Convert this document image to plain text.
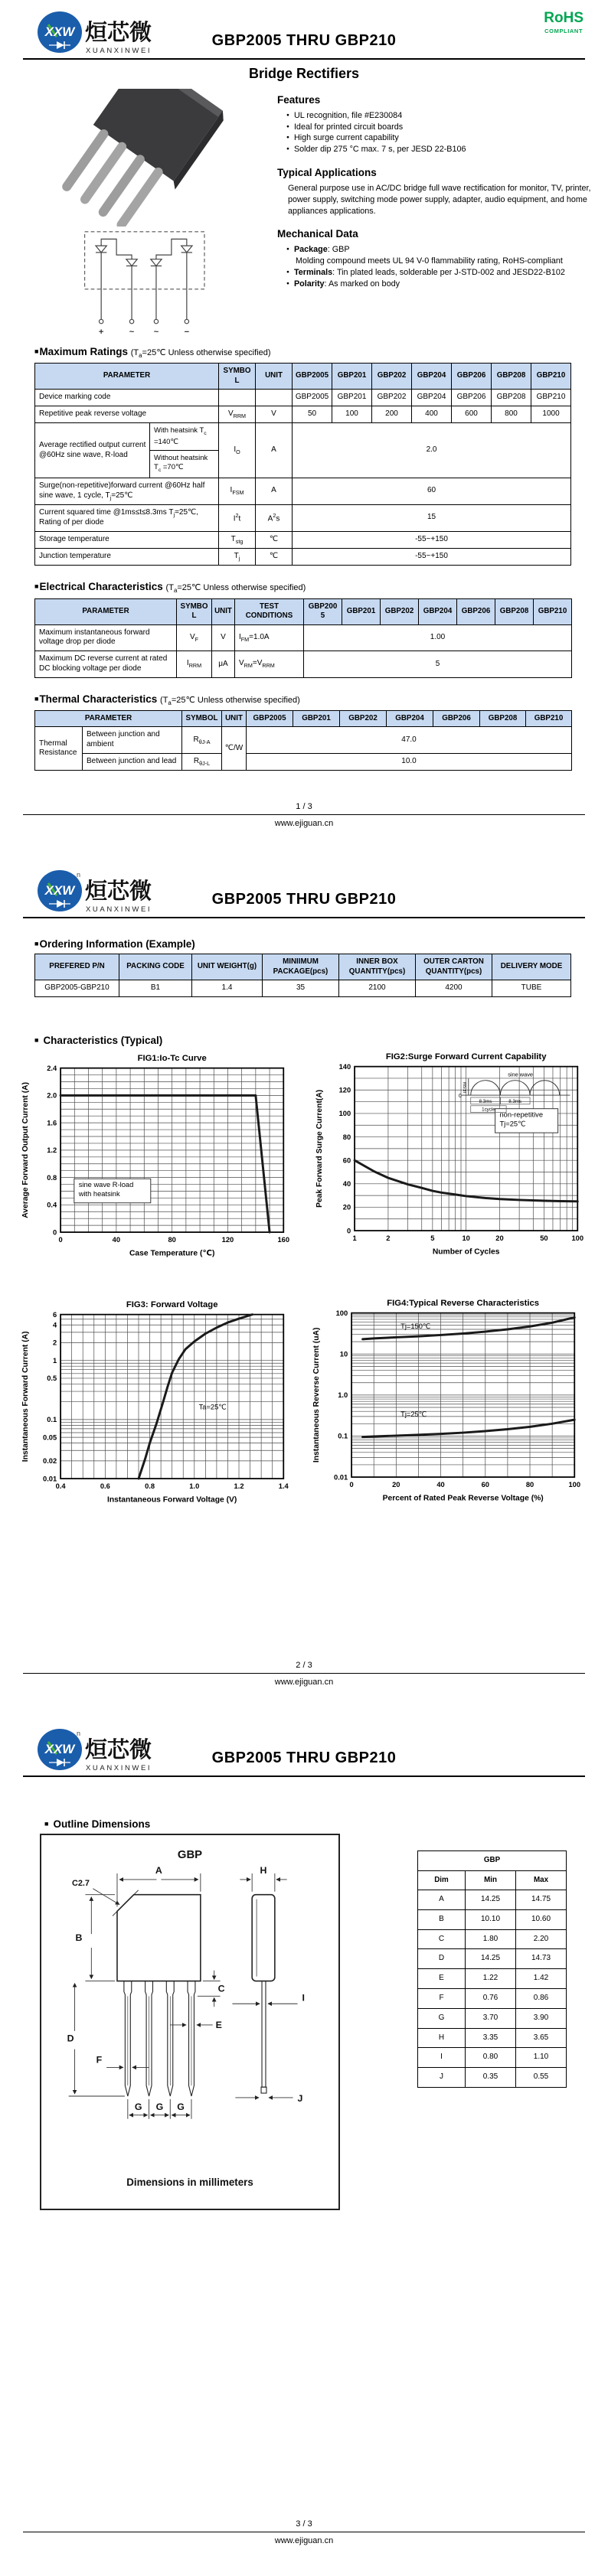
XXW 烜芯微
XUANXINWEI
GBP2005 THRU GBP210
RoHS
COMPLIANT
Bridge Rectifiers
+ ~ ~ −
Features
● UL recognition, file #E230084
● Ideal for printed circuit boards
● High surge current capability
● Solder dip 275 °C max. 7 s, per JESD 22-B106
Typical Applications

General purpose use in AC/DC bridge full wave rectification for monitor, TV, printer, power supply, switching mode power supply, adapter, audio equipment, and home appliances applications.

Mechanical Data
● Package: GBP
Molding compound meets UL 94 V-0 flammability rating, RoHS-compliant
● Terminals: Tin plated leads, solderable per J-STD-002 and JESD22-B102
● Polarity: As marked on body
■Maximum Ratings ($T_a=25℃$ Unless otherwise specified)
PARAMETER		SYMBOL	UNIT	GBP2005	GBP201	GBP202	GBP204	GBP206	GBP208	GBP210
Device marking code				GBP2005	GBP201	GBP202	GBP204	GBP206	GBP208	GBP210
Repetitive peak reverse voltage		$V_{RRM}$	V	50	100	200	400	600	800	1000
Average rectified output current @60Hz sine wave, R-load	With heatsink $T_c$ =140℃	$I_O$	A	2.0						
	Without heatsink $T_c$ =70℃									
Surge(non-repetitive)forward current @60Hz half sine wave, 1 cycle, $T_j=25℃$		$I_{FSM}$	A	60						
Current squared time @1ms≤t≤8.3ms $T_j=25℃$, Rating of per diode		$I^2t$	$A^2s$	15						
Storage temperature		$T_{stg}$	℃	-55~+150						
Junction temperature		$T_j$	℃	-55~+150						
■Electrical Characteristics ($T_a=25℃$ Unless otherwise specified)
PARAMETER	SYMBOL	UNIT	TEST CONDITIONS	GBP2005	GBP201	GBP202	GBP204	GBP206	GBP208	GBP210
Maximum instantaneous forward voltage drop per diode	$V_F$	V	$I_{FM}=1.0A$	1.00						
Maximum DC reverse current at rated DC blocking voltage per diode	$I_{RRM}$	μA	$V_{RM}=V_{RRM}$	5						
■Thermal Characteristics ($T_a=25℃$ Unless otherwise specified)
PARAMETER		SYMBOL	UNIT	GBP2005	GBP201	GBP202	GBP204	GBP206	GBP208	GBP210
Thermal Resistance	Between junction and ambient	$R_{\theta J-A}$	℃/W	47.0						
	Between junction and lead	$R_{\theta J-L}$		10.0						
1 / 3
www.ejiguan.cn
n
XXW 烜芯微
XUANXINWEI
GBP2005 THRU GBP210
■Ordering Information (Example)
PREFERED P/N	PACKING CODE	UNIT WEIGHT(g)	MINIIMUM PACKAGE(pcs)	INNER BOX QUANTITY(pcs)	OUTER CARTON QUANTITY(pcs)	DELIVERY MODE
GBP2005-GBP210	B1	1.4	35	2100	4200	TUBE
■ Characteristics (Typical)
0	40	80	120	160
0
0.4
0.8
1.2
1.6
2.0
2.4
FIG1:Io-Tc Curve
Case Temperature (℃)
Average Forward Output Current (A)	sine wave R-load
with heatsink
1	2	5	10	20	50	100
0
20
40
60
80
100
120
140
FIG2:Surge Forward Current Capability
Number of Cycles
Peak Forward Surge Current(A)	non-repetitive
Tj=25℃
sine wave
0
IFSM
8.3ms	8.3ms
1cycle
0.4	0.6	0.8	1.0	1.2	1.4
0.01
0.02
0.05
0.1
0.5
1
2
4
6
FIG3: Forward Voltage
Instantaneous Forward Voltage (V)
Instantaneous Forward Current (A)	Ta=25℃
0	20	40	60	80	100
0.01
0.1
1.0
10
100
FIG4:Typical Reverse Characteristics
Percent of Rated Peak Reverse Voltage (%)
Instantaneous Reverse Current (uA)
Tj=150℃
Tj=25℃
2 / 3
www.ejiguan.cn
n
XXW 烜芯微
XUANXINWEI
GBP2005 THRU GBP210
■ Outline Dimensions
GBP
A
B
C2.7
C
D
E
F
G G G
H
I
J
Dimensions in millimeters
GBP		
Dim	Min	Max
A	14.25	14.75
B	10.10	10.60
C	1.80	2.20
D	14.25	14.73
E	1.22	1.42
F	0.76	0.86
G	3.70	3.90
H	3.35	3.65
I	0.80	1.10
J	0.35	0.55
3 / 3
www.ejiguan.cn
